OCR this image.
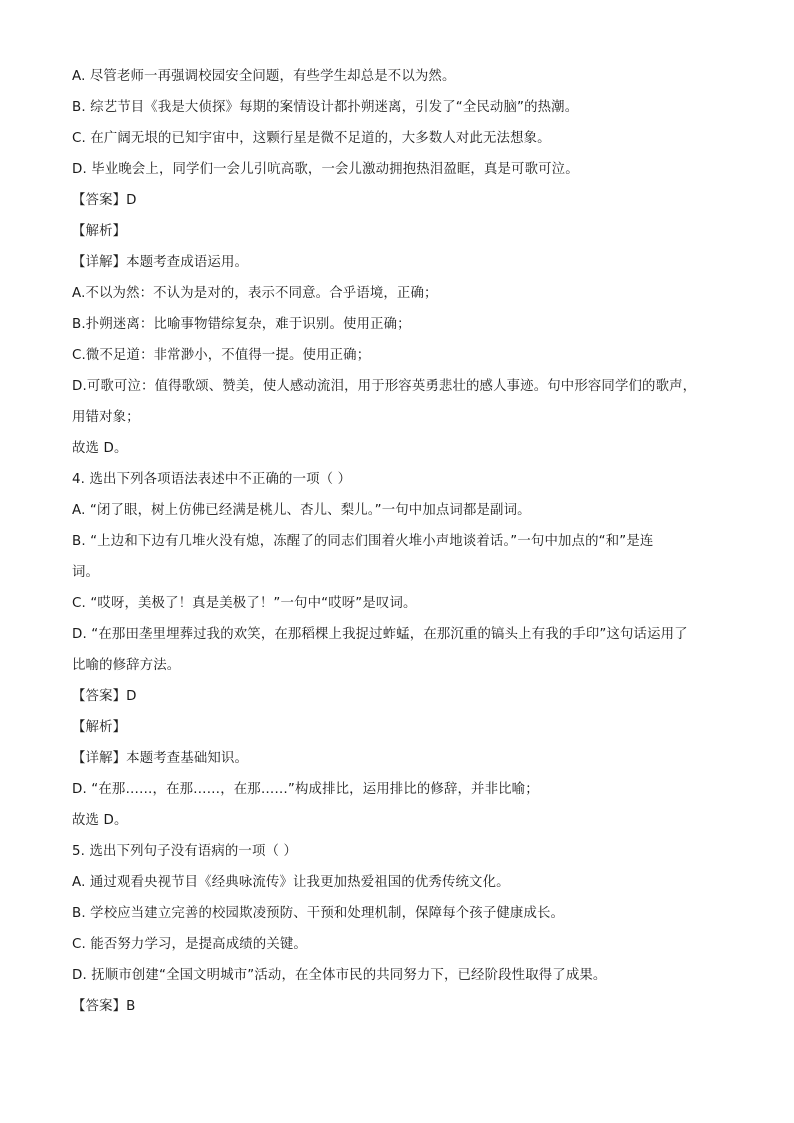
A. 尽管老师一再强调校园安全问题，有些学生却总是不以为然。
B. 综艺节目《我是大侦探》每期的案情设计都扑朔迷离，引发了“全民动脑”的热潮。
C. 在广阔无垠的已知宇宙中，这颗行星是微不足道的，大多数人对此无法想象。
D. 毕业晚会上，同学们一会儿引吭高歌，一会儿激动拥抱热泪盈眶，真是可歌可泣。
【答案】D
【解析】
【详解】本题考查成语运用。
A.不以为然：不认为是对的，表示不同意。合乎语境，正确；
B.扑朔迷离：比喻事物错综复杂，难于识别。使用正确；
C.微不足道：非常渺小，不值得一提。使用正确；
D.可歌可泣：值得歌颂、赞美，使人感动流泪，用于形容英勇悲壮的感人事迹。句中形容同学们的歌声，
用错对象；
故选 D。
4. 选出下列各项语法表述中不正确的一项（ ）
A. “闭了眼，树上仿佛已经满是桃儿、杏儿、梨儿。”一句中加点词都是副词。
B. “上边和下边有几堆火没有熄，冻醒了的同志们围着火堆小声地谈着话。”一句中加点的“和”是连
词。
C. “哎呀，美极了！真是美极了！”一句中“哎呀”是叹词。
D. “在那田垄里埋葬过我的欢笑，在那稻棵上我捉过蚱蜢，在那沉重的镐头上有我的手印”这句话运用了
比喻的修辞方法。
【答案】D
【解析】
【详解】本题考查基础知识。
D. “在那……，在那……，在那……”构成排比，运用排比的修辞，并非比喻；
故选 D。
5. 选出下列句子没有语病的一项（ ）
A. 通过观看央视节目《经典咏流传》让我更加热爱祖国的优秀传统文化。
B. 学校应当建立完善的校园欺凌预防、干预和处理机制，保障每个孩子健康成长。
C. 能否努力学习，是提高成绩的关键。
D. 抚顺市创建“全国文明城市”活动，在全体市民的共同努力下，已经阶段性取得了成果。
【答案】B
